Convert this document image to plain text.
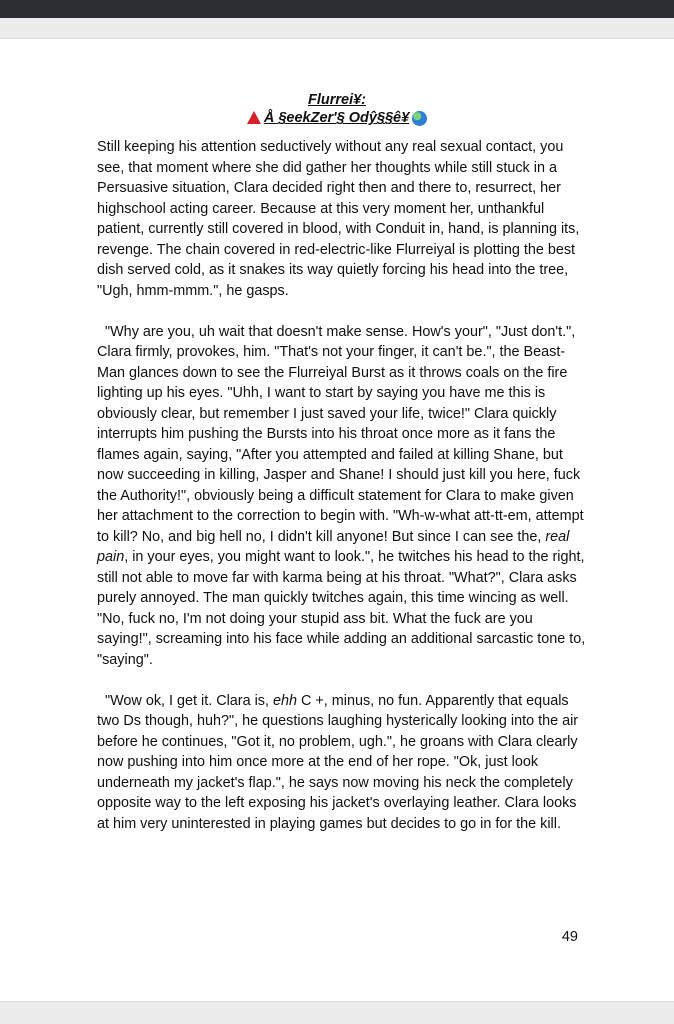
Flurrei¥:
Å §eekZer'§ Odŷ§§ê¥

Still keeping his attention seductively without any real sexual contact, you see, that moment where she did gather her thoughts while still stuck in a Persuasive situation, Clara decided right then and there to, resurrect, her highschool acting career. Because at this very moment her, unthankful patient, currently still covered in blood, with Conduit in, hand, is planning its, revenge. The chain covered in red-electric-like Flurreiyal is plotting the best dish served cold, as it snakes its way quietly forcing his head into the tree, "Ugh, hmm-mmm.", he gasps.

"Why are you, uh wait that doesn't make sense. How's your", "Just don't.", Clara firmly, provokes, him. "That's not your finger, it can't be.", the Beast-Man glances down to see the Flurreiyal Burst as it throws coals on the fire lighting up his eyes. "Uhh, I want to start by saying you have me this is obviously clear, but remember I just saved your life, twice!" Clara quickly interrupts him pushing the Bursts into his throat once more as it fans the flames again, saying, "After you attempted and failed at killing Shane, but now succeeding in killing, Jasper and Shane! I should just kill you here, fuck the Authority!", obviously being a difficult statement for Clara to make given her attachment to the correction to begin with. "Wh-w-what att-tt-em, attempt to kill? No, and big hell no, I didn't kill anyone! But since I can see the, real pain, in your eyes, you might want to look.", he twitches his head to the right, still not able to move far with karma being at his throat. "What?", Clara asks purely annoyed. The man quickly twitches again, this time wincing as well. "No, fuck no, I'm not doing your stupid ass bit. What the fuck are you saying!", screaming into his face while adding an additional sarcastic tone to, "saying".

"Wow ok, I get it. Clara is, ehh C +, minus, no fun. Apparently that equals two Ds though, huh?", he questions laughing hysterically looking into the air before he continues, "Got it, no problem, ugh.", he groans with Clara clearly now pushing into him once more at the end of her rope. "Ok, just look underneath my jacket's flap.", he says now moving his neck the completely opposite way to the left exposing his jacket's overlaying leather. Clara looks at him very uninterested in playing games but decides to go in for the kill.

49
